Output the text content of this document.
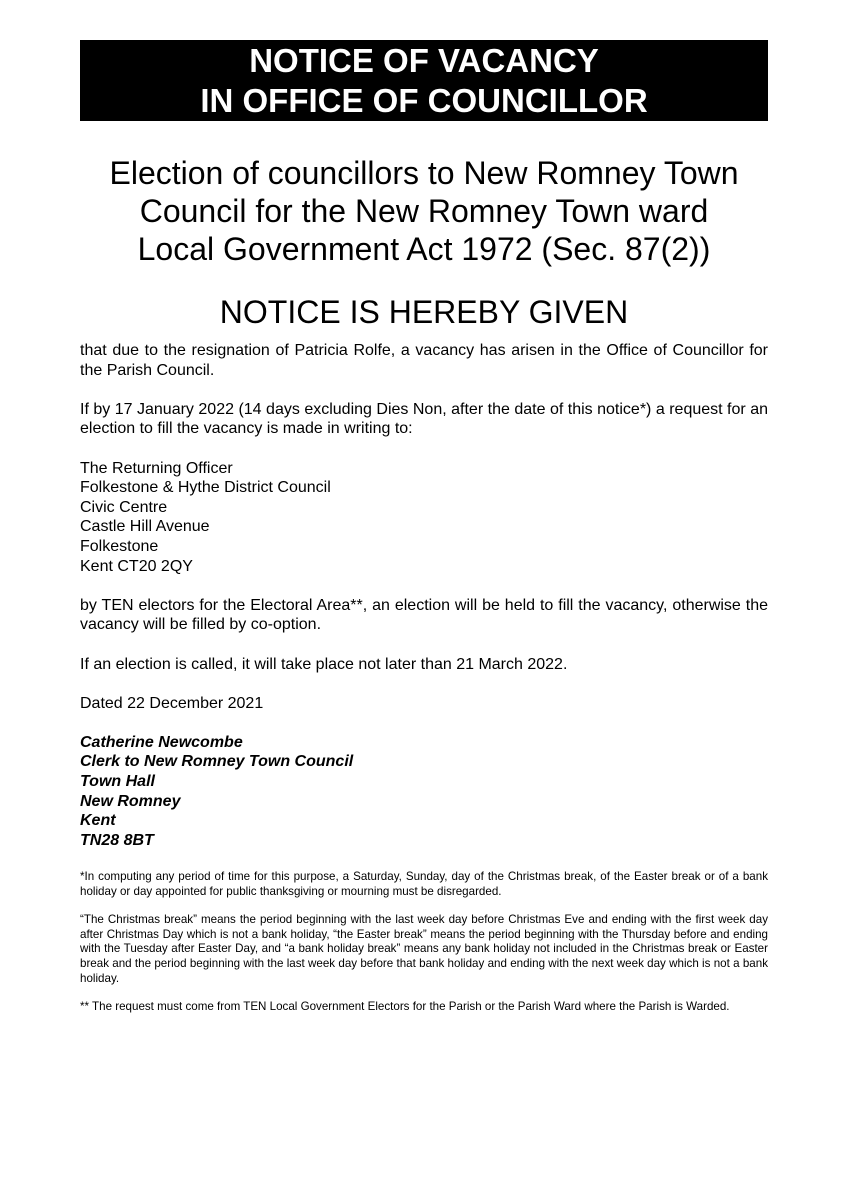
NOTICE OF VACANCY
IN OFFICE OF COUNCILLOR
Election of councillors to New Romney Town
Council for the New Romney Town ward
Local Government Act 1972 (Sec. 87(2))
NOTICE IS HEREBY GIVEN

that due to the resignation of Patricia Rolfe, a vacancy has arisen in the Office of Councillor for the Parish Council.

If by 17 January 2022 (14 days excluding Dies Non, after the date of this notice*) a request for an election to fill the vacancy is made in writing to:

The Returning Officer
Folkestone & Hythe District Council
Civic Centre
Castle Hill Avenue
Folkestone
Kent CT20 2QY

by TEN electors for the Electoral Area**, an election will be held to fill the vacancy, otherwise the vacancy will be filled by co-option.

If an election is called, it will take place not later than 21 March 2022.

Dated 22 December 2021

Catherine Newcombe
Clerk to New Romney Town Council
Town Hall
New Romney
Kent
TN28 8BT

*In computing any period of time for this purpose, a Saturday, Sunday, day of the Christmas break, of the Easter break or of a bank holiday or day appointed for public thanksgiving or mourning must be disregarded.

“The Christmas break” means the period beginning with the last week day before Christmas Eve and ending with the first week day after Christmas Day which is not a bank holiday, “the Easter break” means the period beginning with the Thursday before and ending with the Tuesday after Easter Day, and “a bank holiday break” means any bank holiday not included in the Christmas break or Easter break and the period beginning with the last week day before that bank holiday and ending with the next week day which is not a bank holiday.

** The request must come from TEN Local Government Electors for the Parish or the Parish Ward where the Parish is Warded.
